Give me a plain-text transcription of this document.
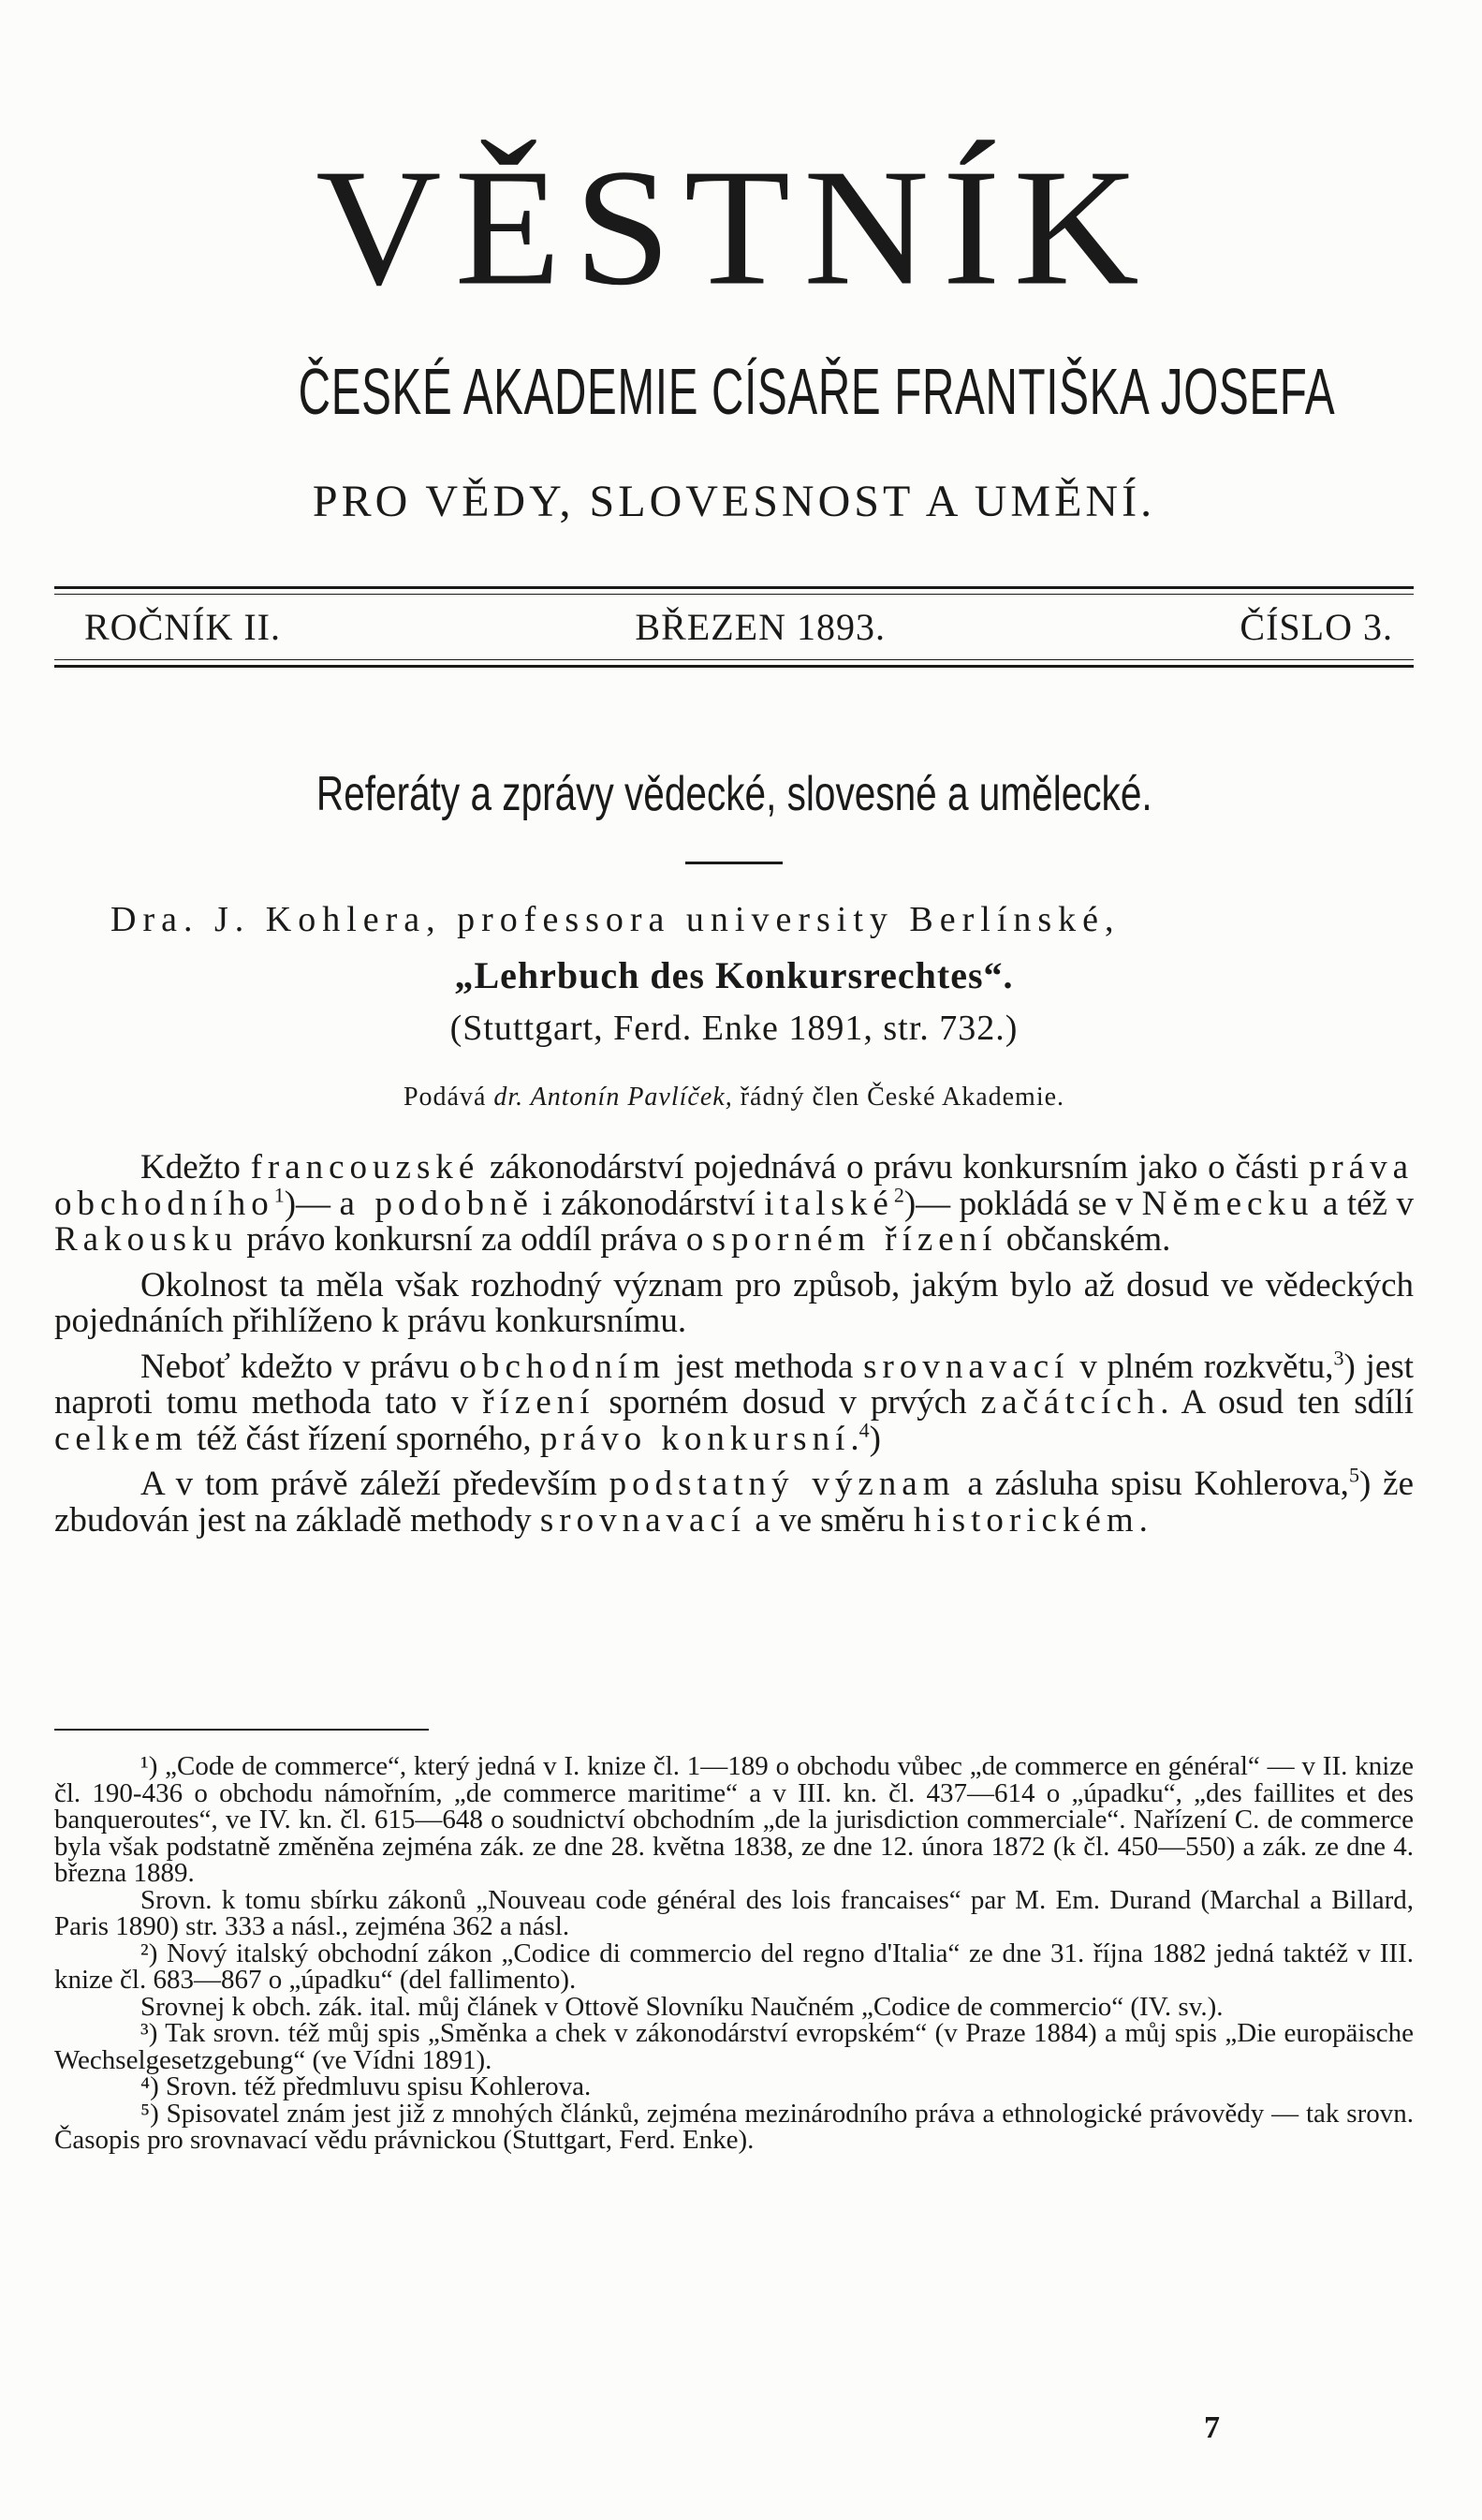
VĚSTNÍK
ČESKÉ AKADEMIE CÍSAŘE FRANTIŠKA JOSEFA
PRO VĚDY, SLOVESNOST A UMĚNÍ.
ROČNÍK II.	BŘEZEN 1893.	ČÍSLO 3.
Referáty a zprávy vědecké, slovesné a umělecké.
Dra. J. Kohlera, professora university Berlínské,
„Lehrbuch des Konkursrechtes“.
(Stuttgart, Ferd. Enke 1891, str. 732.)
Podává dr. Antonín Pavlíček, řádný člen České Akademie.

Kdežto francouzské zákonodárství pojednává o právu konkursním jako o části práva obchodního$^1$)— a podobně i zákonodárství italské$^2$)— pokládá se v Německu a též v Rakousku právo konkursní za oddíl práva o sporném řízení občanském.

Okolnost ta měla však rozhodný význam pro způsob, jakým bylo až dosud ve vědeckých pojednáních přihlíženo k právu konkursnímu.

Neboť kdežto v právu obchodním jest methoda srovnavací v plném rozkvětu,$^3$) jest naproti tomu methoda tato v řízení sporném dosud v prvých začátcích. A osud ten sdílí celkem též část řízení sporného, právo konkursní.$^4$)

A v tom právě záleží především podstatný význam a zásluha spisu Kohlerova,$^5$) že zbudován jest na základě methody srovnavací a ve směru historickém.

¹) „Code de commerce“, který jedná v I. knize čl. 1—189 o obchodu vůbec „de commerce en général“ — v II. knize čl. 190‑436 o obchodu námořním, „de commerce maritime“ a v III. kn. čl. 437—614 o „úpadku“, „des faillites et des banqueroutes“, ve IV. kn. čl. 615—648 o soudnictví obchodním „de la jurisdiction commerciale“. Nařízení C. de commerce byla však podstatně změněna zejména zák. ze dne 28. května 1838, ze dne 12. února 1872 (k čl. 450—550) a zák. ze dne 4. března 1889.

Srovn. k tomu sbírku zákonů „Nouveau code général des lois francaises“ par M. Em. Durand (Marchal a Billard, Paris 1890) str. 333 a násl., zejména 362 a násl.

²) Nový italský obchodní zákon „Codice di commercio del regno d'Italia“ ze dne 31. října 1882 jedná taktéž v III. knize čl. 683—867 o „úpadku“ (del fallimento).

Srovnej k obch. zák. ital. můj článek v Ottově Slovníku Naučném „Codice de commercio“ (IV. sv.).

³) Tak srovn. též můj spis „Směnka a chek v zákonodárství evropském“ (v Praze 1884) a můj spis „Die europäische Wechselgesetzgebung“ (ve Vídni 1891).

⁴) Srovn. též předmluvu spisu Kohlerova.

⁵) Spisovatel znám jest již z mnohých článků, zejména mezinárodního práva a ethnologické právovědy — tak srovn. Časopis pro srovnavací vědu právnickou (Stuttgart, Ferd. Enke).

7
